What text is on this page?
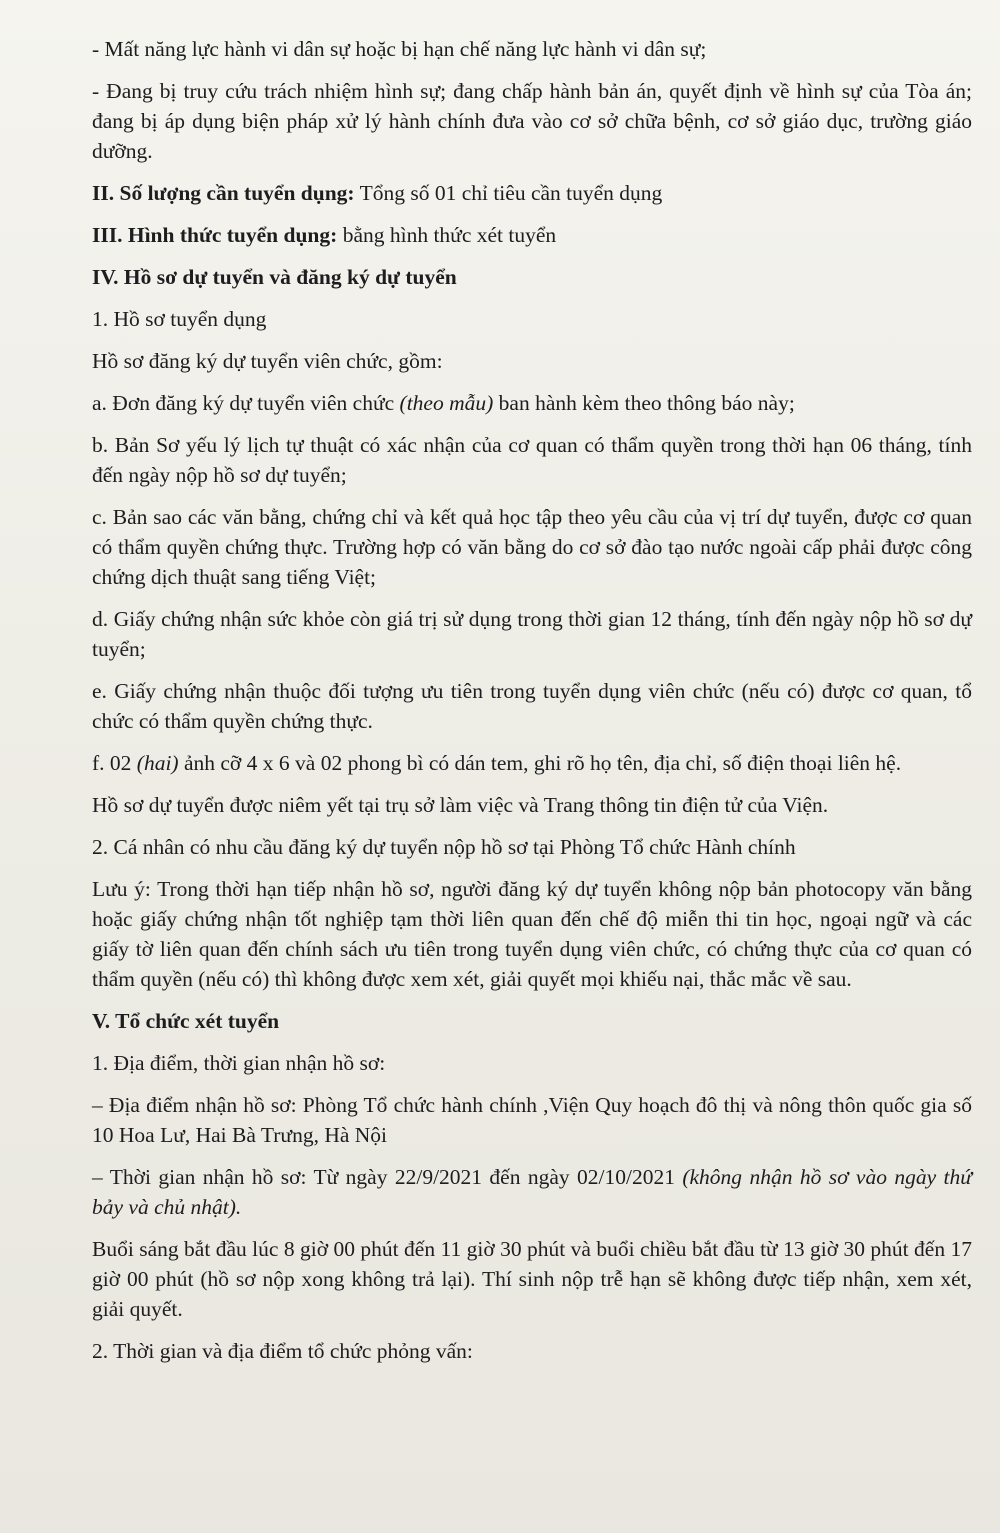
- Mất năng lực hành vi dân sự hoặc bị hạn chế năng lực hành vi dân sự;

- Đang bị truy cứu trách nhiệm hình sự; đang chấp hành bản án, quyết định về hình sự của Tòa án; đang bị áp dụng biện pháp xử lý hành chính đưa vào cơ sở chữa bệnh, cơ sở giáo dục, trường giáo dưỡng.

II. Số lượng cần tuyển dụng: Tổng số 01 chỉ tiêu cần tuyển dụng

III. Hình thức tuyển dụng: bằng hình thức xét tuyển

IV. Hồ sơ dự tuyển và đăng ký dự tuyển

1. Hồ sơ tuyển dụng

Hồ sơ đăng ký dự tuyển viên chức, gồm:

a. Đơn đăng ký dự tuyển viên chức (theo mẫu) ban hành kèm theo thông báo này;

b. Bản Sơ yếu lý lịch tự thuật có xác nhận của cơ quan có thẩm quyền trong thời hạn 06 tháng, tính đến ngày nộp hồ sơ dự tuyển;

c. Bản sao các văn bằng, chứng chỉ và kết quả học tập theo yêu cầu của vị trí dự tuyển, được cơ quan có thẩm quyền chứng thực. Trường hợp có văn bằng do cơ sở đào tạo nước ngoài cấp phải được công chứng dịch thuật sang tiếng Việt;

d. Giấy chứng nhận sức khỏe còn giá trị sử dụng trong thời gian 12 tháng, tính đến ngày nộp hồ sơ dự tuyển;

e. Giấy chứng nhận thuộc đối tượng ưu tiên trong tuyển dụng viên chức (nếu có) được cơ quan, tổ chức có thẩm quyền chứng thực.

f. 02 (hai) ảnh cỡ 4 x 6 và 02 phong bì có dán tem, ghi rõ họ tên, địa chỉ, số điện thoại liên hệ.

Hồ sơ dự tuyển được niêm yết tại trụ sở làm việc và Trang thông tin điện tử của Viện.

2. Cá nhân có nhu cầu đăng ký dự tuyển nộp hồ sơ tại Phòng Tổ chức Hành chính

Lưu ý: Trong thời hạn tiếp nhận hồ sơ, người đăng ký dự tuyển không nộp bản photocopy văn bằng hoặc giấy chứng nhận tốt nghiệp tạm thời liên quan đến chế độ miễn thi tin học, ngoại ngữ và các giấy tờ liên quan đến chính sách ưu tiên trong tuyển dụng viên chức, có chứng thực của cơ quan có thẩm quyền (nếu có) thì không được xem xét, giải quyết mọi khiếu nại, thắc mắc về sau.

V. Tổ chức xét tuyển

1. Địa điểm, thời gian nhận hồ sơ:

– Địa điểm nhận hồ sơ: Phòng Tổ chức hành chính ,Viện Quy hoạch đô thị và nông thôn quốc gia số 10 Hoa Lư, Hai Bà Trưng, Hà Nội

– Thời gian nhận hồ sơ: Từ ngày 22/9/2021 đến ngày 02/10/2021 (không nhận hồ sơ vào ngày thứ bảy và chủ nhật).

Buổi sáng bắt đầu lúc 8 giờ 00 phút đến 11 giờ 30 phút và buổi chiều bắt đầu từ 13 giờ 30 phút đến 17 giờ 00 phút (hồ sơ nộp xong không trả lại). Thí sinh nộp trễ hạn sẽ không được tiếp nhận, xem xét, giải quyết.

2. Thời gian và địa điểm tổ chức phỏng vấn:
